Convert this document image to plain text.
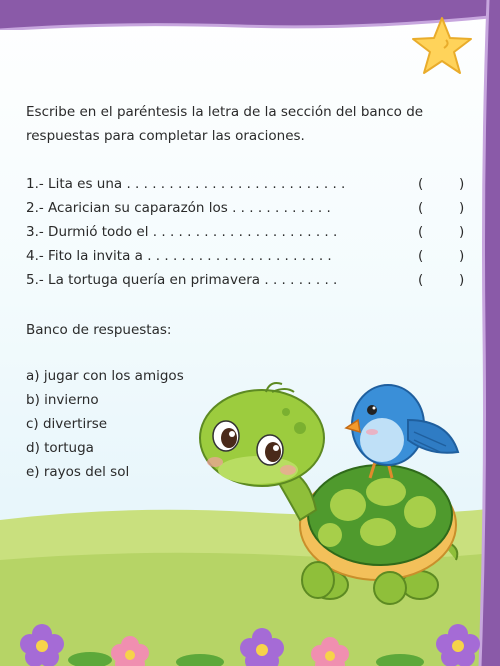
Escribe en el paréntesis la letra de la sección del banco de respuestas para completar las oraciones.

1.- Lita es una . . . . . . . . . . . . . . . . . . . . . . . . . .	(	)
2.- Acarician su caparazón los . . . . . . . . . . . .	(	)
3.- Durmió todo el . . . . . . . . . . . . . . . . . . . . . .	(	)
4.- Fito la invita a . . . . . . . . . . . . . . . . . . . . . .	(	)
5.- La tortuga quería en primavera . . . . . . . . .	(	)
Banco de respuestas:
a) jugar con los amigos
b) invierno
c) divertirse
d) tortuga
e) rayos del sol
